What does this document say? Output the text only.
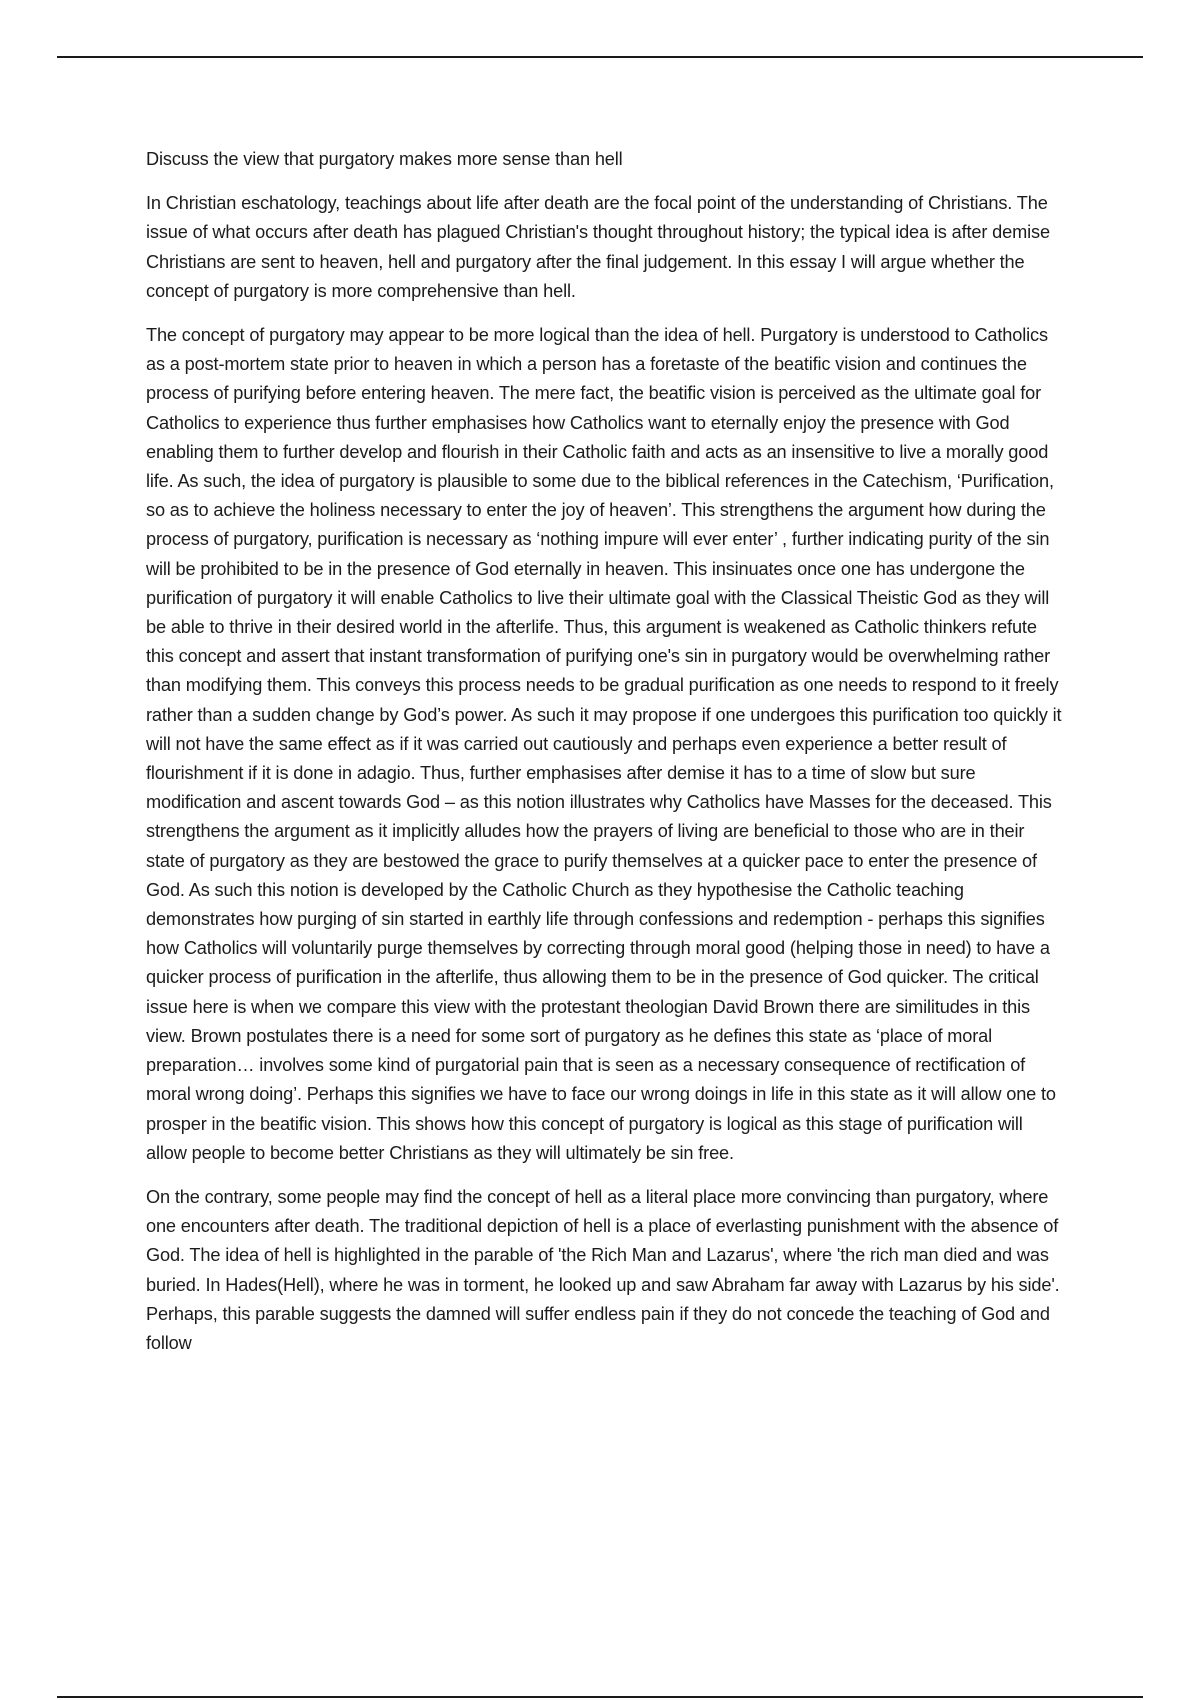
Discuss the view that purgatory makes more sense than hell

In Christian eschatology, teachings about life after death are the focal point of the understanding of Christians. The issue of what occurs after death has plagued Christian's thought throughout history; the typical idea is after demise Christians are sent to heaven, hell and purgatory after the final judgement. In this essay I will argue whether the concept of purgatory is more comprehensive than hell.

The concept of purgatory may appear to be more logical than the idea of hell. Purgatory is understood to Catholics as a post-mortem state prior to heaven in which a person has a foretaste of the beatific vision and continues the process of purifying before entering heaven. The mere fact, the beatific vision is perceived as the ultimate goal for Catholics to experience thus further emphasises how Catholics want to eternally enjoy the presence with God enabling them to further develop and flourish in their Catholic faith and acts as an insensitive to live a morally good life. As such, the idea of purgatory is plausible to some due to the biblical references in the Catechism, ‘Purification, so as to achieve the holiness necessary to enter the joy of heaven’. This strengthens the argument how during the process of purgatory, purification is necessary as ‘nothing impure will ever enter’ , further indicating purity of the sin will be prohibited to be in the presence of God eternally in heaven. This insinuates once one has undergone the purification of purgatory it will enable Catholics to live their ultimate goal with the Classical Theistic God as they will be able to thrive in their desired world in the afterlife. Thus, this argument is weakened as Catholic thinkers refute this concept and assert that instant transformation of purifying one's sin in purgatory would be overwhelming rather than modifying them. This conveys this process needs to be gradual purification as one needs to respond to it freely rather than a sudden change by God’s power. As such it may propose if one undergoes this purification too quickly it will not have the same effect as if it was carried out cautiously and perhaps even experience a better result of flourishment if it is done in adagio. Thus, further emphasises after demise it has to a time of slow but sure modification and ascent towards God – as this notion illustrates why Catholics have Masses for the deceased. This strengthens the argument as it implicitly alludes how the prayers of living are beneficial to those who are in their state of purgatory as they are bestowed the grace to purify themselves at a quicker pace to enter the presence of God. As such this notion is developed by the Catholic Church as they hypothesise the Catholic teaching demonstrates how purging of sin started in earthly life through confessions and redemption - perhaps this signifies how Catholics will voluntarily purge themselves by correcting through moral good (helping those in need) to have a quicker process of purification in the afterlife, thus allowing them to be in the presence of God quicker. The critical issue here is when we compare this view with the protestant theologian David Brown there are similitudes in this view. Brown postulates there is a need for some sort of purgatory as he defines this state as ‘place of moral preparation… involves some kind of purgatorial pain that is seen as a necessary consequence of rectification of moral wrong doing’. Perhaps this signifies we have to face our wrong doings in life in this state as it will allow one to prosper in the beatific vision. This shows how this concept of purgatory is logical as this stage of purification will allow people to become better Christians as they will ultimately be sin free.

On the contrary, some people may find the concept of hell as a literal place more convincing than purgatory, where one encounters after death. The traditional depiction of hell is a place of everlasting punishment with the absence of God. The idea of hell is highlighted in the parable of 'the Rich Man and Lazarus', where 'the rich man died and was buried. In Hades(Hell), where he was in torment, he looked up and saw Abraham far away with Lazarus by his side'. Perhaps, this parable suggests the damned will suffer endless pain if they do not concede the teaching of God and follow
